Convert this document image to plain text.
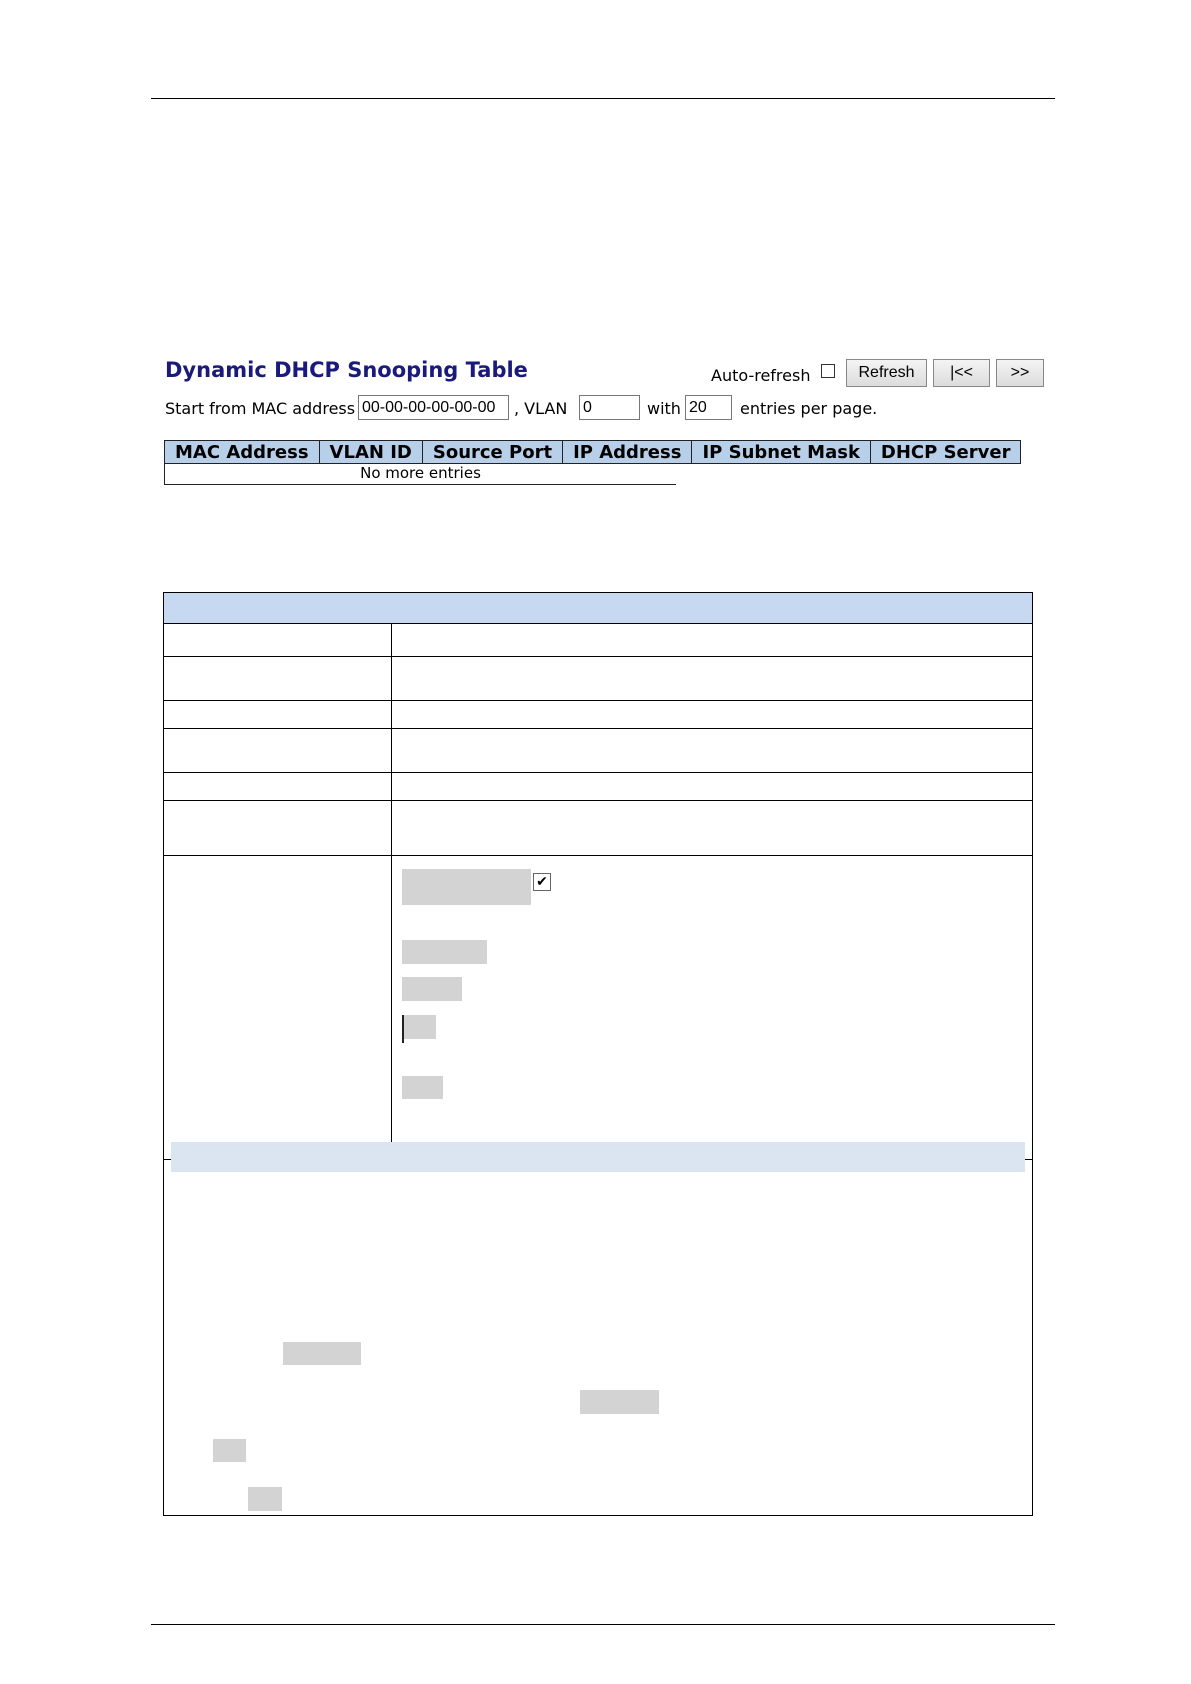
Dynamic DHCP Snooping Table	Auto-refresh	Refresh	|<<	>>
Start from MAC address
00-00-00-00-00-00	, VLAN
0	with
20	entries per page.
MAC Address	VLAN ID	Source Port	IP Address	IP Subnet Mask	DHCP Server
No more entries
✔
